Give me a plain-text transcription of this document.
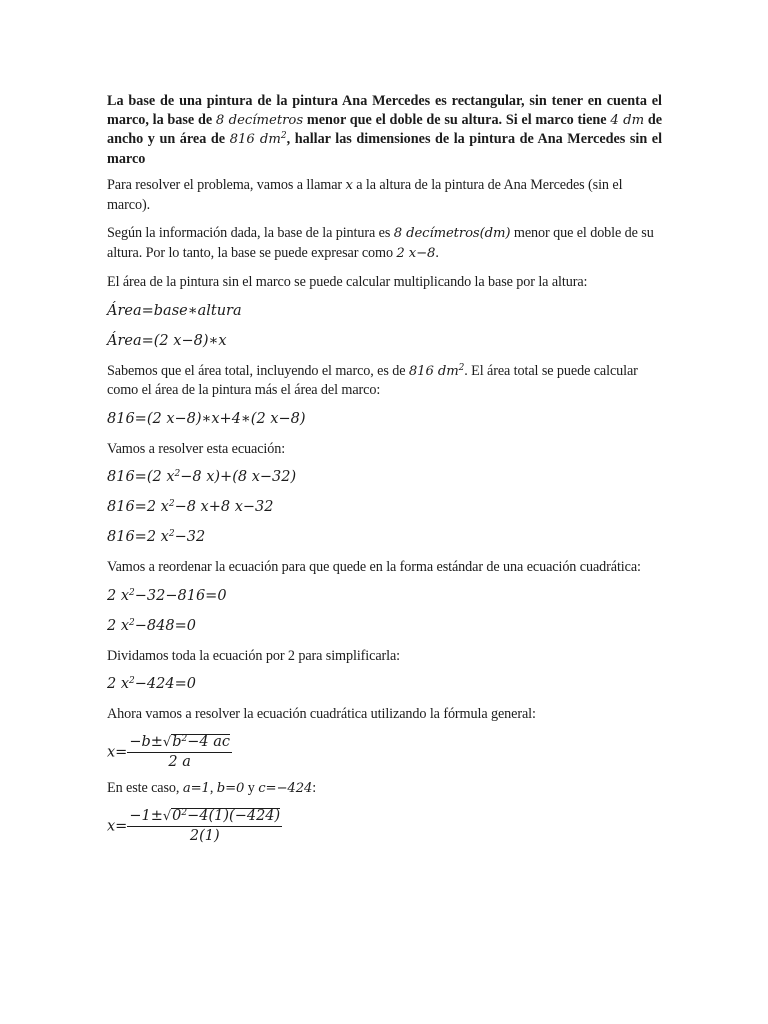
La base de una pintura de la pintura Ana Mercedes es rectangular, sin tener en cuenta el marco, la base de 8 decímetros menor que el doble de su altura. Si el marco tiene 4 dm de ancho y un área de 816 $dm^2$, hallar las dimensiones de la pintura de Ana Mercedes sin el marco

Para resolver el problema, vamos a llamar x a la altura de la pintura de Ana Mercedes (sin el marco).

Según la información dada, la base de la pintura es 8 decímetros(dm) menor que el doble de su altura. Por lo tanto, la base se puede expresar como 2 x−8.

El área de la pintura sin el marco se puede calcular multiplicando la base por la altura:

Área=base∗altura

Área=(2 x−8)∗x

Sabemos que el área total, incluyendo el marco, es de 816 $dm^2$. El área total se puede calcular como el área de la pintura más el área del marco:

816=(2 x−8)∗x+4∗(2 x−8)

Vamos a resolver esta ecuación:

816=(2 $x^2-8$ x)+(8 x−32)

816=2 $x^2-8$ x+8 x−32

816=2 $x^2-32$

Vamos a reordenar la ecuación para que quede en la forma estándar de una ecuación cuadrática:

2 $x^2-32-816=0$

2 $x^2-848=0$

Dividamos toda la ecuación por 2 para simplificarla:

2 $x^2-424=0$

Ahora vamos a resolver la ecuación cuadrática utilizando la fórmula general:

$x= \frac{-b\pm√b^2-4 ac}{2 a}$

En este caso, a=1, b=0 y c=−424:

$x= \frac{-1\pm√0^2-4(1)(-424)}{2(1)}$
